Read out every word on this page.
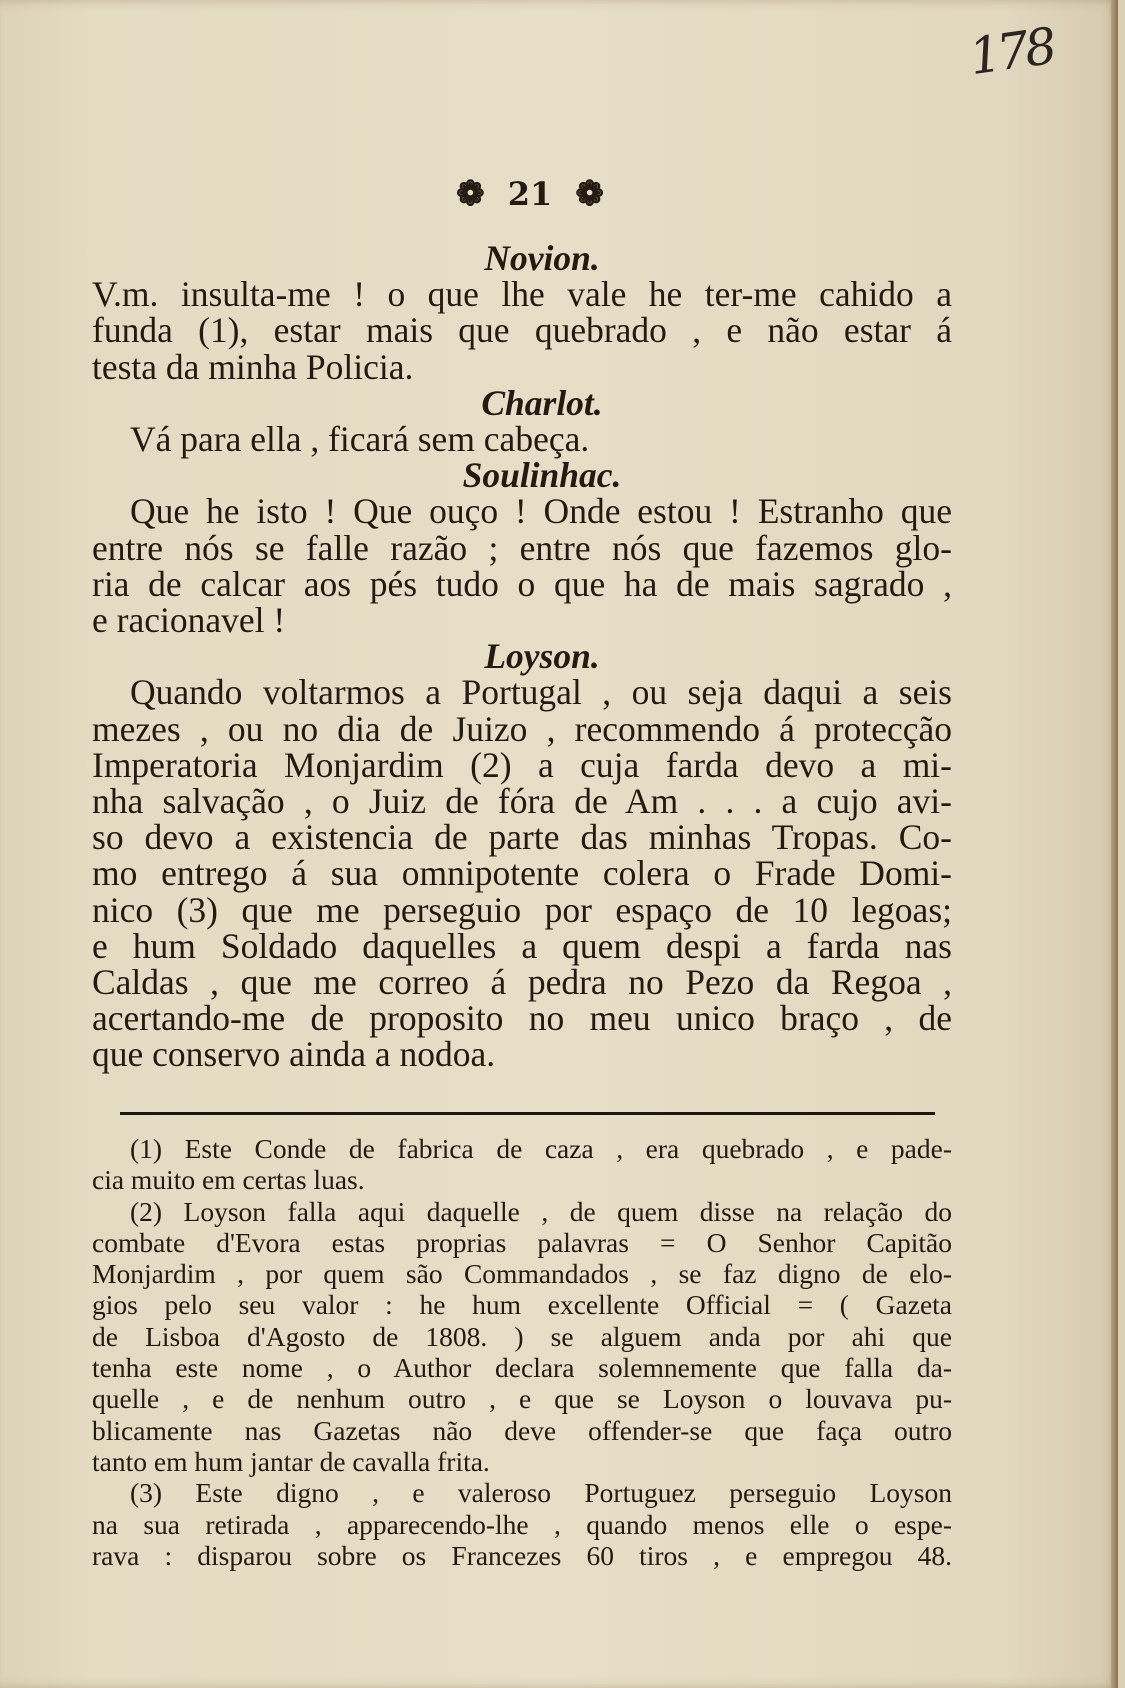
178
❁ 21 ❁
Novion.
V.m. insulta-me ! o que lhe vale he ter-me cahido a
funda (1), estar mais que quebrado , e não estar á
testa da minha Policia.
Charlot.
Vá para ella , ficará sem cabeça.
Soulinhac.
Que he isto ! Que ouço ! Onde estou ! Estranho que
entre nós se falle razão ; entre nós que fazemos glo-
ria de calcar aos pés tudo o que ha de mais sagrado ,
e racionavel !
Loyson.
Quando voltarmos a Portugal , ou seja daqui a seis
mezes , ou no dia de Juizo , recommendo á protecção
Imperatoria Monjardim (2) a cuja farda devo a mi-
nha salvação , o Juiz de fóra de Am . . . a cujo avi-
so devo a existencia de parte das minhas Tropas. Co-
mo entrego á sua omnipotente colera o Frade Domi-
nico (3) que me perseguio por espaço de 10 legoas;
e hum Soldado daquelles a quem despi a farda nas
Caldas , que me correo á pedra no Pezo da Regoa ,
acertando-me de proposito no meu unico braço , de
que conservo ainda a nodoa.
(1) Este Conde de fabrica de caza , era quebrado , e pade-
cia muito em certas luas.
(2) Loyson falla aqui daquelle , de quem disse na relação do
combate d'Evora estas proprias palavras = O Senhor Capitão
Monjardim , por quem são Commandados , se faz digno de elo-
gios pelo seu valor : he hum excellente Official = ( Gazeta
de Lisboa d'Agosto de 1808. ) se alguem anda por ahi que
tenha este nome , o Author declara solemnemente que falla da-
quelle , e de nenhum outro , e que se Loyson o louvava pu-
blicamente nas Gazetas não deve offender-se que faça outro
tanto em hum jantar de cavalla frita.
(3) Este digno , e valeroso Portuguez perseguio Loyson
na sua retirada , apparecendo-lhe , quando menos elle o espe-
rava : disparou sobre os Francezes 60 tiros , e empregou 48.
